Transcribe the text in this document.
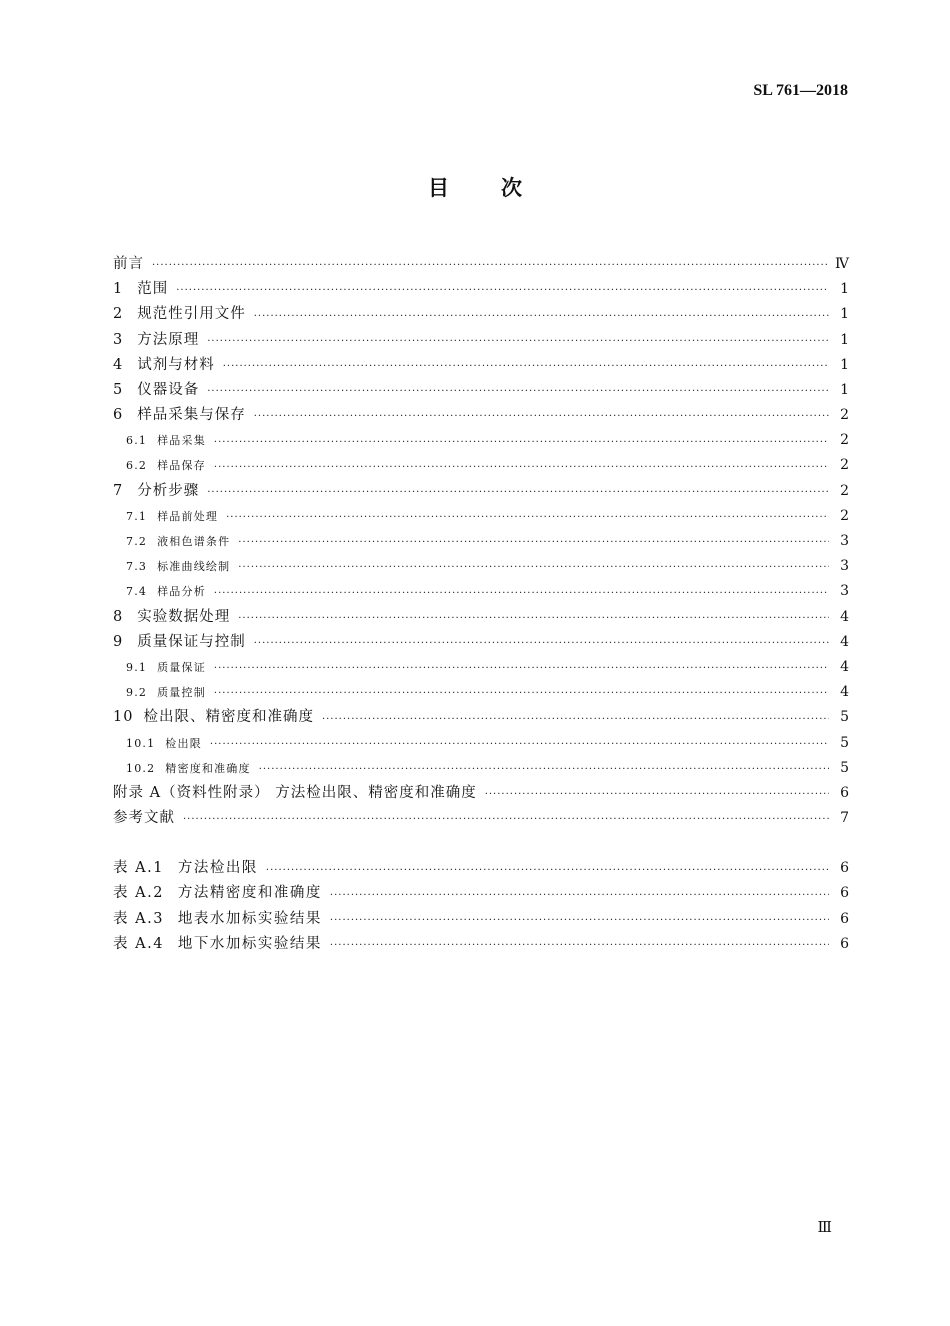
SL 761—2018
目次
前言 ·····	Ⅳ
1 范围 ·····	1
2 规范性引用文件 ·····	1
3 方法原理 ·····	1
4 试剂与材料 ·····	1
5 仪器设备 ·····	1
6 样品采集与保存 ·····	2
6.1 样品采集 ·····	2
6.2 样品保存 ·····	2
7 分析步骤 ·····	2
7.1 样品前处理 ·····	2
7.2 液相色谱条件 ·····	3
7.3 标准曲线绘制 ·····	3
7.4 样品分析 ·····	3
8 实验数据处理 ·····	4
9 质量保证与控制 ·····	4
9.1 质量保证 ·····	4
9.2 质量控制 ·····	4
10 检出限、精密度和准确度 ·····	5
10.1 检出限 ·····	5
10.2 精密度和准确度 ·····	5
附录 A（资料性附录） 方法检出限、精密度和准确度 ·····	6
参考文献 ·····	7
表 A.1 方法检出限 ·····	6
表 A.2 方法精密度和准确度 ·····	6
表 A.3 地表水加标实验结果 ·····	6
表 A.4 地下水加标实验结果 ·····	6
Ⅲ
